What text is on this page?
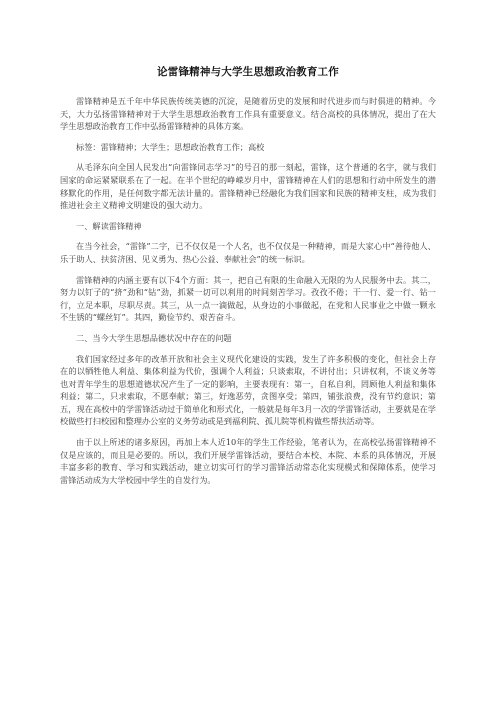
论雷锋精神与大学生思想政治教育工作

雷锋精神是五千年中华民族传统美德的沉淀，是随着历史的发展和时代进步而与时俱进的精神。今天，大力弘扬雷锋精神对于大学生思想政治教育工作具有重要意义。结合高校的具体情况，提出了在大学生思想政治教育工作中弘扬雷锋精神的具体方案。

标签：雷锋精神；大学生；思想政治教育工作；高校

从毛泽东向全国人民发出“向雷锋同志学习”的号召的那一刻起，雷锋，这个普通的名字，就与我们国家的命运紧紧联系在了一起。在半个世纪的峥嵘岁月中，雷锋精神在人们的思想和行动中所发生的潜移默化的作用，是任何数字都无法计量的。雷锋精神已经融化为我们国家和民族的精神支柱，成为我们推进社会主义精神文明建设的强大动力。

一、解读雷锋精神

在当今社会，“雷锋”二字，已不仅仅是一个人名，也不仅仅是一种精神，而是大家心中“善待他人、乐于助人、扶贫济困、见义勇为、热心公益、奉献社会”的统一标识。

雷锋精神的内涵主要有以下4个方面：其一，把自己有限的生命融入无限的为人民服务中去。其二，努力以钉子的“挤”劲和“钻”劲，抓紧一切可以利用的时间刻苦学习。孜孜不倦；干一行、爱一行、钻一行，立足本职，尽职尽责。其三，从一点一滴做起，从身边的小事做起，在党和人民事业之中做一颗永不生锈的“螺丝钉”。其四，勤俭节约、艰苦奋斗。

二、当今大学生思想品德状况中存在的问题

我们国家经过多年的改革开放和社会主义现代化建设的实践，发生了许多积极的变化，但社会上存在的以牺牲他人利益、集体利益为代价，强调个人利益；只谈索取，不讲付出；只讲权利，不谈义务等也对青年学生的思想道德状况产生了一定的影响，主要表现有：第一，自私自利，罔顾他人利益和集体利益；第二，只求索取，不愿奉献；第三，好逸恶劳，贪图享受；第四，铺张浪费，没有节约意识；第五，现在高校中的学雷锋活动过于简单化和形式化，一般就是每年3月一次的学雷锋活动，主要就是在学校做些打扫校园和整理办公室的义务劳动或是到福利院、孤儿院等机构做些帮扶活动等。

由于以上所述的诸多原因，再加上本人近10年的学生工作经验，笔者认为，在高校弘扬雷锋精神不仅是应该的，而且是必要的。所以，我们开展学雷锋活动，要结合本校、本院、本系的具体情况，开展丰富多彩的教育、学习和实践活动，建立切实可行的学习雷锋活动常态化实现模式和保障体系，使学习雷锋活动成为大学校园中学生的自发行为。
